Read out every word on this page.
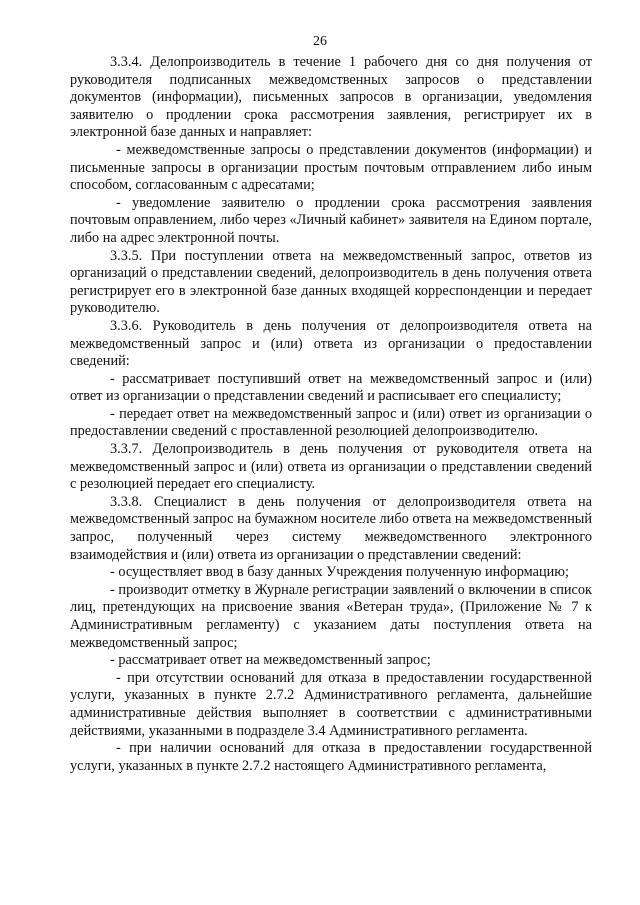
26

3.3.4. Делопроизводитель в течение 1 рабочего дня со дня получения от руководителя подписанных межведомственных запросов о представлении документов (информации), письменных запросов в организации, уведомления заявителю о продлении срока рассмотрения заявления, регистрирует их в электронной базе данных и направляет:

- межведомственные запросы о представлении документов (информации) и письменные запросы в организации простым почтовым отправлением либо иным способом, согласованным с адресатами;

- уведомление заявителю о продлении срока рассмотрения заявления почтовым оправлением, либо через «Личный кабинет» заявителя на Едином портале, либо на адрес электронной почты.

3.3.5. При поступлении ответа на межведомственный запрос, ответов из организаций о представлении сведений, делопроизводитель в день получения ответа регистрирует его в электронной базе данных входящей корреспонденции и передает руководителю.

3.3.6. Руководитель в день получения от делопроизводителя ответа на межведомственный запрос и (или) ответа из организации о предоставлении сведений:

- рассматривает поступивший ответ на межведомственный запрос и (или) ответ из организации о представлении сведений и расписывает его специалисту;

- передает ответ на межведомственный запрос и (или) ответ из организации о предоставлении сведений с проставленной резолюцией делопроизводителю.

3.3.7. Делопроизводитель в день получения от руководителя ответа на межведомственный запрос и (или) ответа из организации о представлении сведений с резолюцией передает его специалисту.

3.3.8. Специалист в день получения от делопроизводителя ответа на межведомственный запрос на бумажном носителе либо ответа на межведомственный запрос, полученный через систему межведомственного электронного взаимодействия и (или) ответа из организации о представлении сведений:

- осуществляет ввод в базу данных Учреждения полученную информацию;

- производит отметку в Журнале регистрации заявлений о включении в список лиц, претендующих на присвоение звания «Ветеран труда», (Приложение № 7 к Административным регламенту) с указанием даты поступления ответа на межведомственный запрос;

- рассматривает ответ на межведомственный запрос;

- при отсутствии оснований для отказа в предоставлении государственной услуги, указанных в пункте 2.7.2 Административного регламента, дальнейшие административные действия выполняет в соответствии с административными действиями, указанными в подразделе 3.4 Административного регламента.

- при наличии оснований для отказа в предоставлении государственной услуги, указанных в пункте 2.7.2 настоящего Административного регламента,
